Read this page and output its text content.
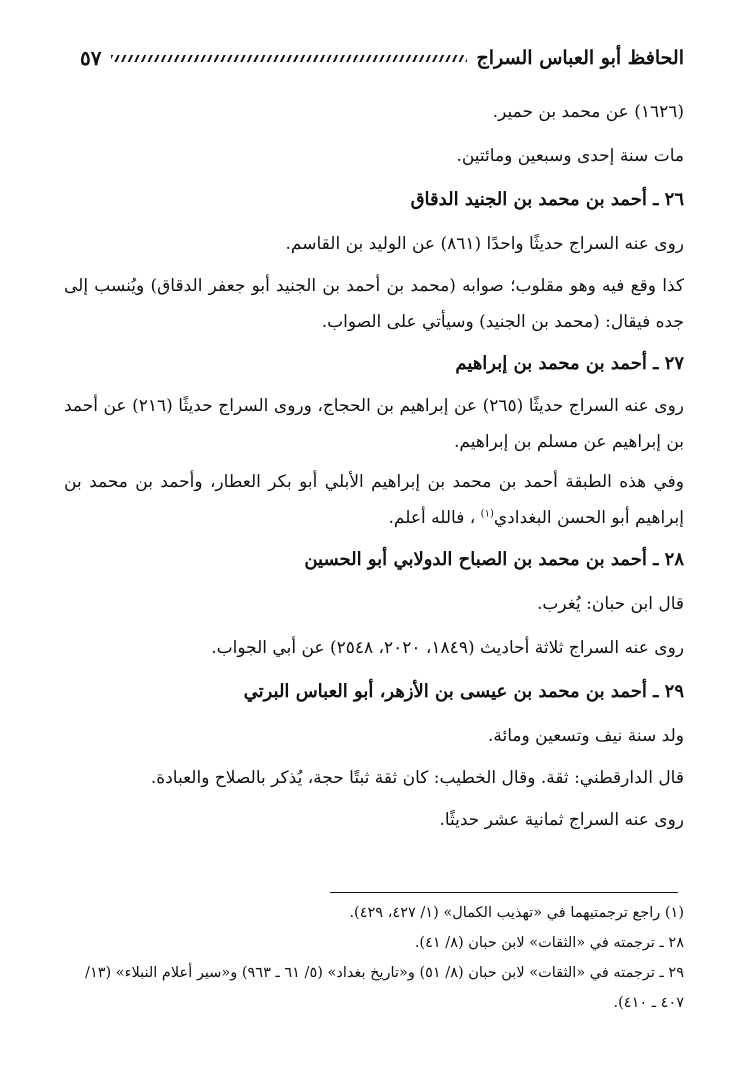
الحافظ أبو العباس السراج
٥٧

(١٦٢٦) عن محمد بن حمير.

مات سنة إحدى وسبعين ومائتين.

٢٦ ـ أحمد بن محمد بن الجنيد الدقاق

روى عنه السراج حديثًا واحدًا (٨٦١) عن الوليد بن القاسم.

كذا وقع فيه وهو مقلوب؛ صوابه (محمد بن أحمد بن الجنيد أبو جعفر الدقاق) ويُنسب إلى جده فيقال: (محمد بن الجنيد) وسيأتي على الصواب.

٢٧ ـ أحمد بن محمد بن إبراهيم

روى عنه السراج حديثًا (٢٦٥) عن إبراهيم بن الحجاج، وروى السراج حديثًا (٢١٦) عن أحمد بن إبراهيم عن مسلم بن إبراهيم.

وفي هذه الطبقة أحمد بن محمد بن إبراهيم الأبلي أبو بكر العطار، وأحمد بن محمد بن إبراهيم أبو الحسن البغدادي$^{(١)}$ ، فالله أعلم.

٢٨ ـ أحمد بن محمد بن الصباح الدولابي أبو الحسين

قال ابن حبان: يُغرب.

روى عنه السراج ثلاثة أحاديث (١٨٤٩، ٢٠٢٠، ٢٥٤٨) عن أبي الجواب.

٢٩ ـ أحمد بن محمد بن عيسى بن الأزهر، أبو العباس البرتي

ولد سنة نيف وتسعين ومائة.

قال الدارقطني: ثقة. وقال الخطيب: كان ثقة ثبتًا حجة، يُذكر بالصلاح والعبادة.

روى عنه السراج ثمانية عشر حديثًا.

(١) راجع ترجمتيهما في «تهذيب الكمال» (١/ ٤٢٧، ٤٢٩).

٢٨ ـ ترجمته في «الثقات» لابن حبان (٨/ ٤١).

٢٩ ـ ترجمته في «الثقات» لابن حبان (٨/ ٥١) و«تاريخ بغداد» (٥/ ٦١ ـ ٩٦٣) و«سير أعلام النبلاء» (١٣/ ٤٠٧ ـ ٤١٠).
